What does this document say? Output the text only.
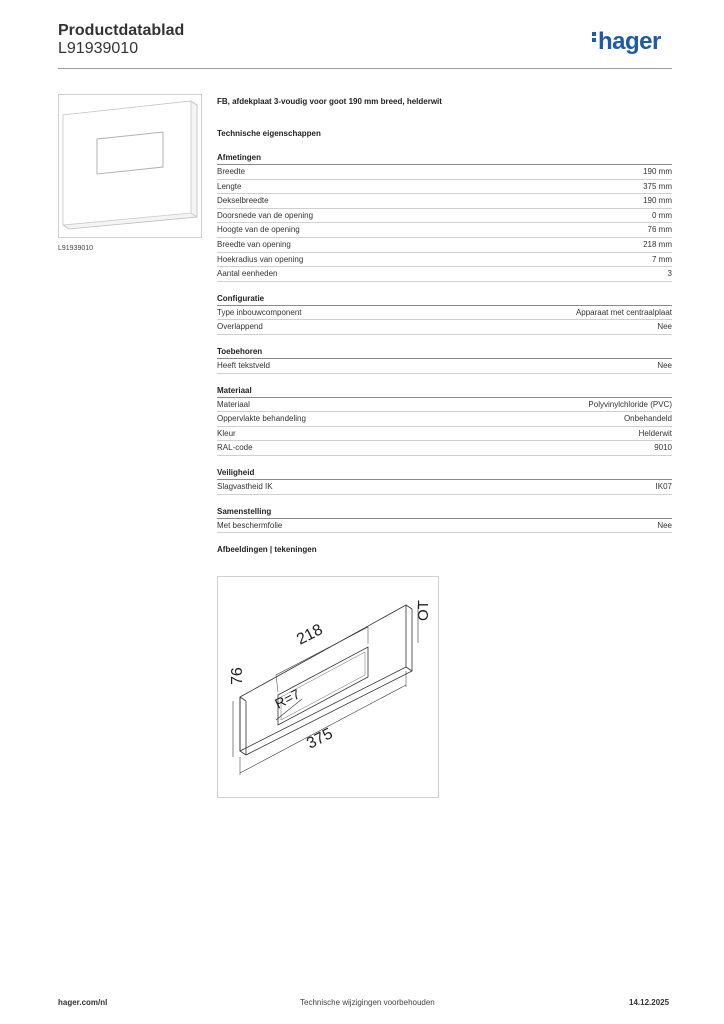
Productdatablad
L91939010	hager
L91939010
FB, afdekplaat 3-voudig voor goot 190 mm breed, helderwit
Technische eigenschappen
Afmetingen
Breedte	190 mm
Lengte	375 mm
Dekselbreedte	190 mm
Doorsnede van de opening	0 mm
Hoogte van de opening	76 mm
Breedte van opening	218 mm
Hoekradius van opening	7 mm
Aantal eenheden	3
Configuratie
Type inbouwcomponent	Apparaat met centraalplaat
Overlappend	Nee
Toebehoren
Heeft tekstveld	Nee
Materiaal
Materiaal	Polyvinylchloride (PVC)
Oppervlakte behandeling	Onbehandeld
Kleur	Helderwit
RAL-code	9010
Veiligheid
Slagvastheid IK	IK07
Samenstelling
Met beschermfolie	Nee
Afbeeldingen | tekeningen
218
76
R=7
375
OT
hager.com/nl	Technische wijzigingen voorbehouden	14.12.2025
